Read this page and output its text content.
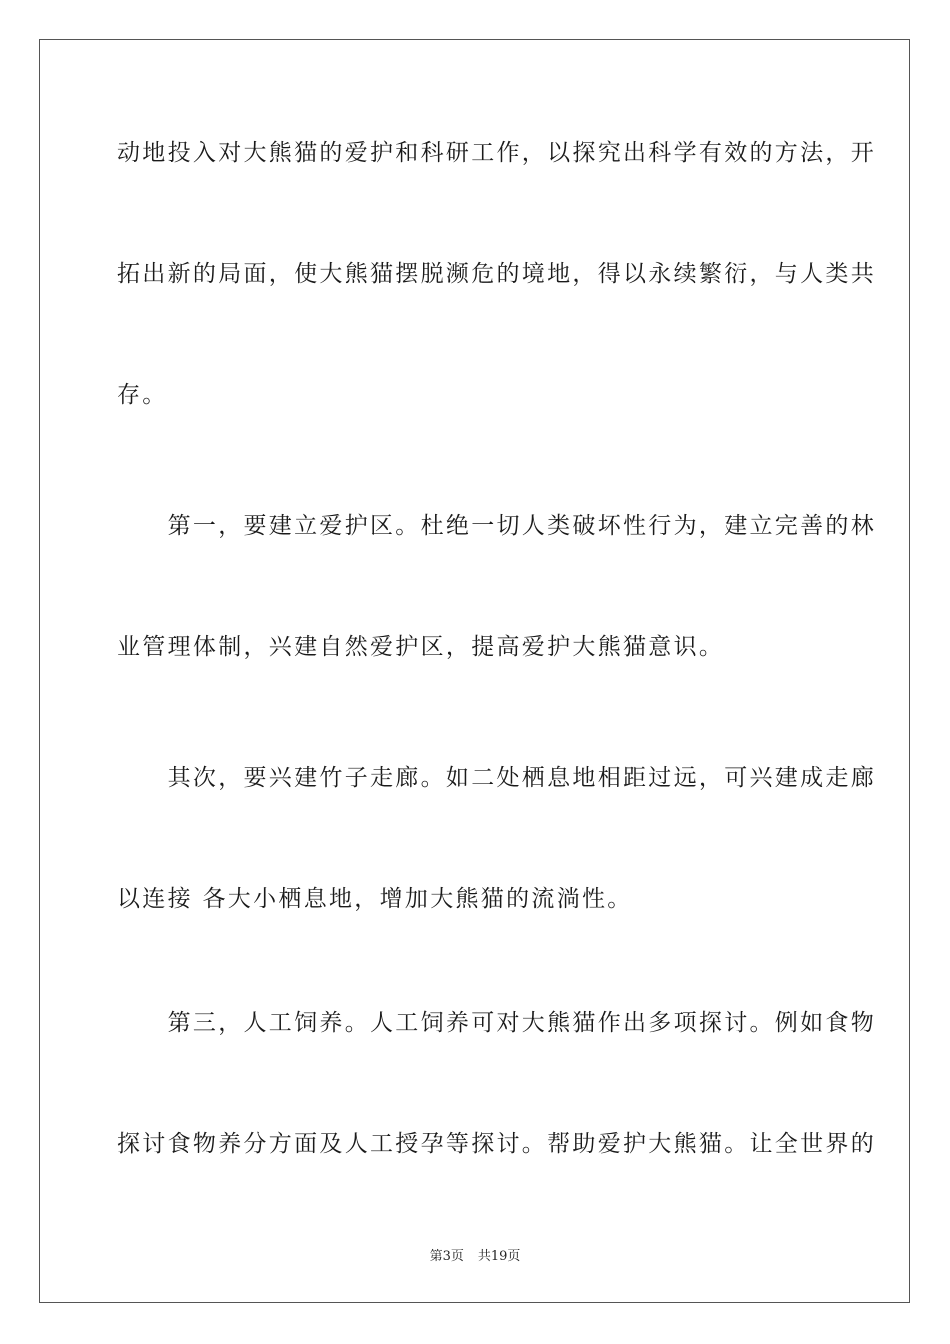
动地投入对大熊猫的爱护和科研工作，以探究出科学有效的方法，开

拓出新的局面，使大熊猫摆脱濒危的境地，得以永续繁衍，与人类共

存。

　　第一，要建立爱护区。杜绝一切人类破坏性行为，建立完善的林

业管理体制，兴建自然爱护区，提高爱护大熊猫意识。

　　其次，要兴建竹子走廊。如二处栖息地相距过远，可兴建成走廊

以连接 各大小栖息地，增加大熊猫的流淌性。

　　第三，人工饲养。人工饲养可对大熊猫作出多项探讨。例如食物

探讨食物养分方面及人工授孕等探讨。帮助爱护大熊猫。让全世界的

第3页 共19页
